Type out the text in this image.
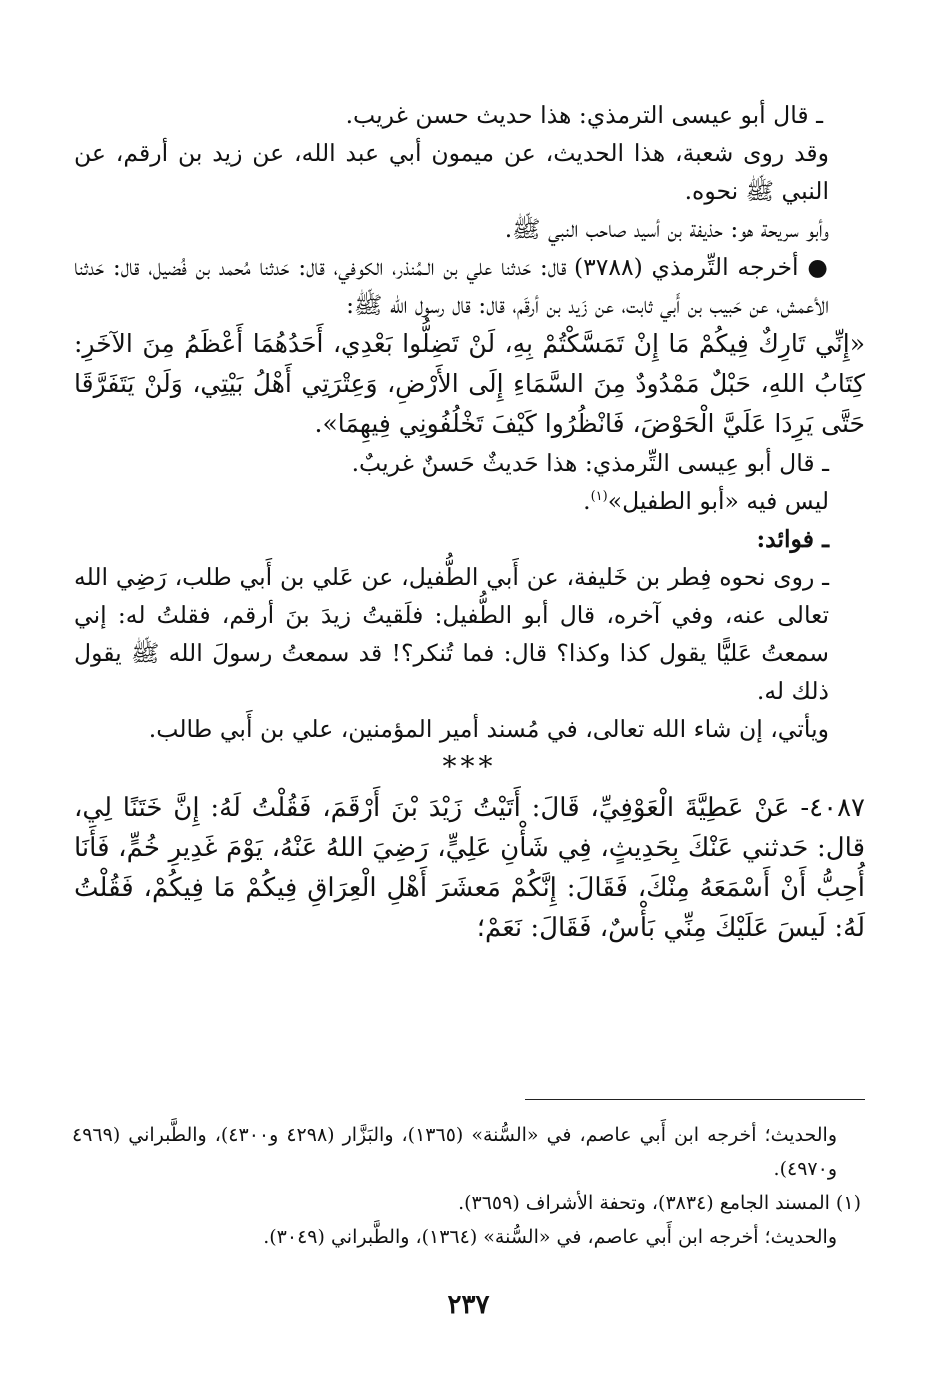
ـ قال أبو عيسى الترمذي: هذا حديث حسن غريب.

وقد روى شعبة، هذا الحديث، عن ميمون أبي عبد الله، عن زيد بن أرقم، عن النبي ﷺ نحوه.

وأبو سريحة هو: حذيفة بن أسيد صاحب النبي ﷺ.

● أخرجه التِّرمذي (٣٧٨٨) قال: حَدثنا علي بن الـمُنذر، الكوفي، قال: حَدثنا مُحمد بن فُضيل، قال: حَدثنا الأعمش، عن حَبيب بن أَبي ثابت، عن زَيد بن أرقَم، قال: قال رسول الله ﷺ:

«إِنِّي تَارِكٌ فِيكُمْ مَا إِنْ تَمَسَّكْتُمْ بِهِ، لَنْ تَضِلُّوا بَعْدِي، أَحَدُهُمَا أَعْظَمُ مِنَ الآخَرِ: كِتَابُ اللهِ، حَبْلٌ مَمْدُودٌ مِنَ السَّمَاءِ إِلَى الأَرْضِ، وَعِتْرَتِي أَهْلُ بَيْتِي، وَلَنْ يَتَفَرَّقَا حَتَّى يَرِدَا عَلَيَّ الْحَوْضَ، فَانْظُرُوا كَيْفَ تَخْلُفُونِي فِيهِمَا».

ـ قال أبو عِيسى التِّرمذي: هذا حَديثٌ حَسنٌ غريبٌ.

ليس فيه «أبو الطفيل»$^{(١)}$.

ـ فوائد:

ـ روى نحوه فِطر بن خَليفة، عن أَبي الطُّفيل، عن عَلي بن أَبي طلب، رَضِي الله تعالى عنه، وفي آخره، قال أبو الطُّفيل: فلَقيتُ زيدَ بنَ أرقم، فقلتُ له: إني سمعتُ عَليًّا يقول كذا وكذا؟ قال: فما تُنكر؟! قد سمعتُ رسولَ الله ﷺ يقول ذلك له.

ويأتي، إن شاء الله تعالى، في مُسند أمير المؤمنين، علي بن أَبي طالب.

***

٤٠٨٧- عَنْ عَطِيَّةَ الْعَوْفِيِّ، قَالَ: أَتَيْتُ زَيْدَ بْنَ أَرْقَمَ، فَقُلْتُ لَهُ: إِنَّ خَتَنًا لِي، قال: حَدثني عَنْكَ بِحَدِيثٍ، فِي شَأْنِ عَلِيٍّ، رَضِيَ اللهُ عَنْهُ، يَوْمَ غَدِيرِ خُمٍّ، فَأَنَا أُحِبُّ أَنْ أَسْمَعَهُ مِنْكَ، فَقَالَ: إِنَّكُمْ مَعشَرَ أَهْلِ الْعِرَاقِ فِيكُمْ مَا فِيكُمْ، فَقُلْتُ لَهُ: لَيسَ عَلَيْكَ مِنِّي بَأْسٌ، فَقَالَ: نَعَمْ؛

والحديث؛ أخرجه ابن أَبي عاصم، في «السُّنة» (١٣٦٥)، والبَزَّار (٤٢٩٨ و٤٣٠٠)، والطَّبراني (٤٩٦٩ و٤٩٧٠).

(١) المسند الجامع (٣٨٣٤)، وتحفة الأشراف (٣٦٥٩).

والحديث؛ أخرجه ابن أَبي عاصم، في «السُّنة» (١٣٦٤)، والطَّبراني (٣٠٤٩).

٢٣٧
